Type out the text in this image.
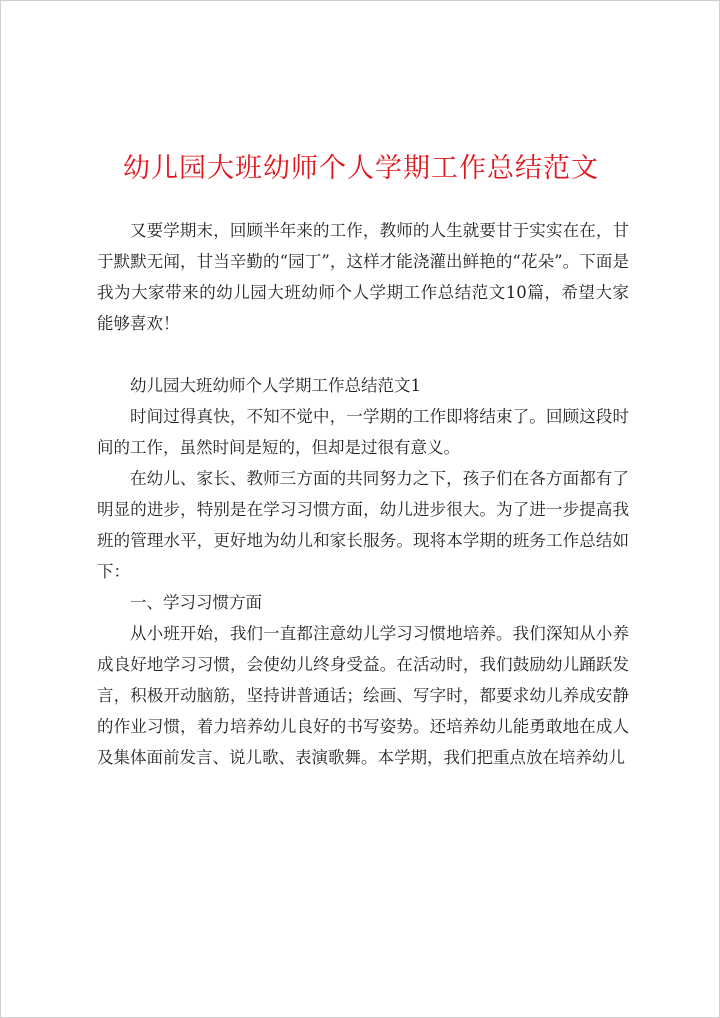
幼儿园大班幼师个人学期工作总结范文

又要学期末，回顾半年来的工作，教师的人生就要甘于实实在在，甘于默默无闻，甘当辛勤的“园丁”，这样才能浇灌出鲜艳的“花朵”。下面是我为大家带来的幼儿园大班幼师个人学期工作总结范文10篇，希望大家能够喜欢！

幼儿园大班幼师个人学期工作总结范文1

时间过得真快，不知不觉中，一学期的工作即将结束了。回顾这段时间的工作，虽然时间是短的，但却是过很有意义。

在幼儿、家长、教师三方面的共同努力之下，孩子们在各方面都有了明显的进步，特别是在学习习惯方面，幼儿进步很大。为了进一步提高我班的管理水平，更好地为幼儿和家长服务。现将本学期的班务工作总结如下：

一、学习习惯方面

从小班开始，我们一直都注意幼儿学习习惯地培养。我们深知从小养成良好地学习习惯，会使幼儿终身受益。在活动时，我们鼓励幼儿踊跃发言，积极开动脑筋，坚持讲普通话；绘画、写字时，都要求幼儿养成安静的作业习惯，着力培养幼儿良好的书写姿势。还培养幼儿能勇敢地在成人及集体面前发言、说儿歌、表演歌舞。本学期，我们把重点放在培养幼儿
